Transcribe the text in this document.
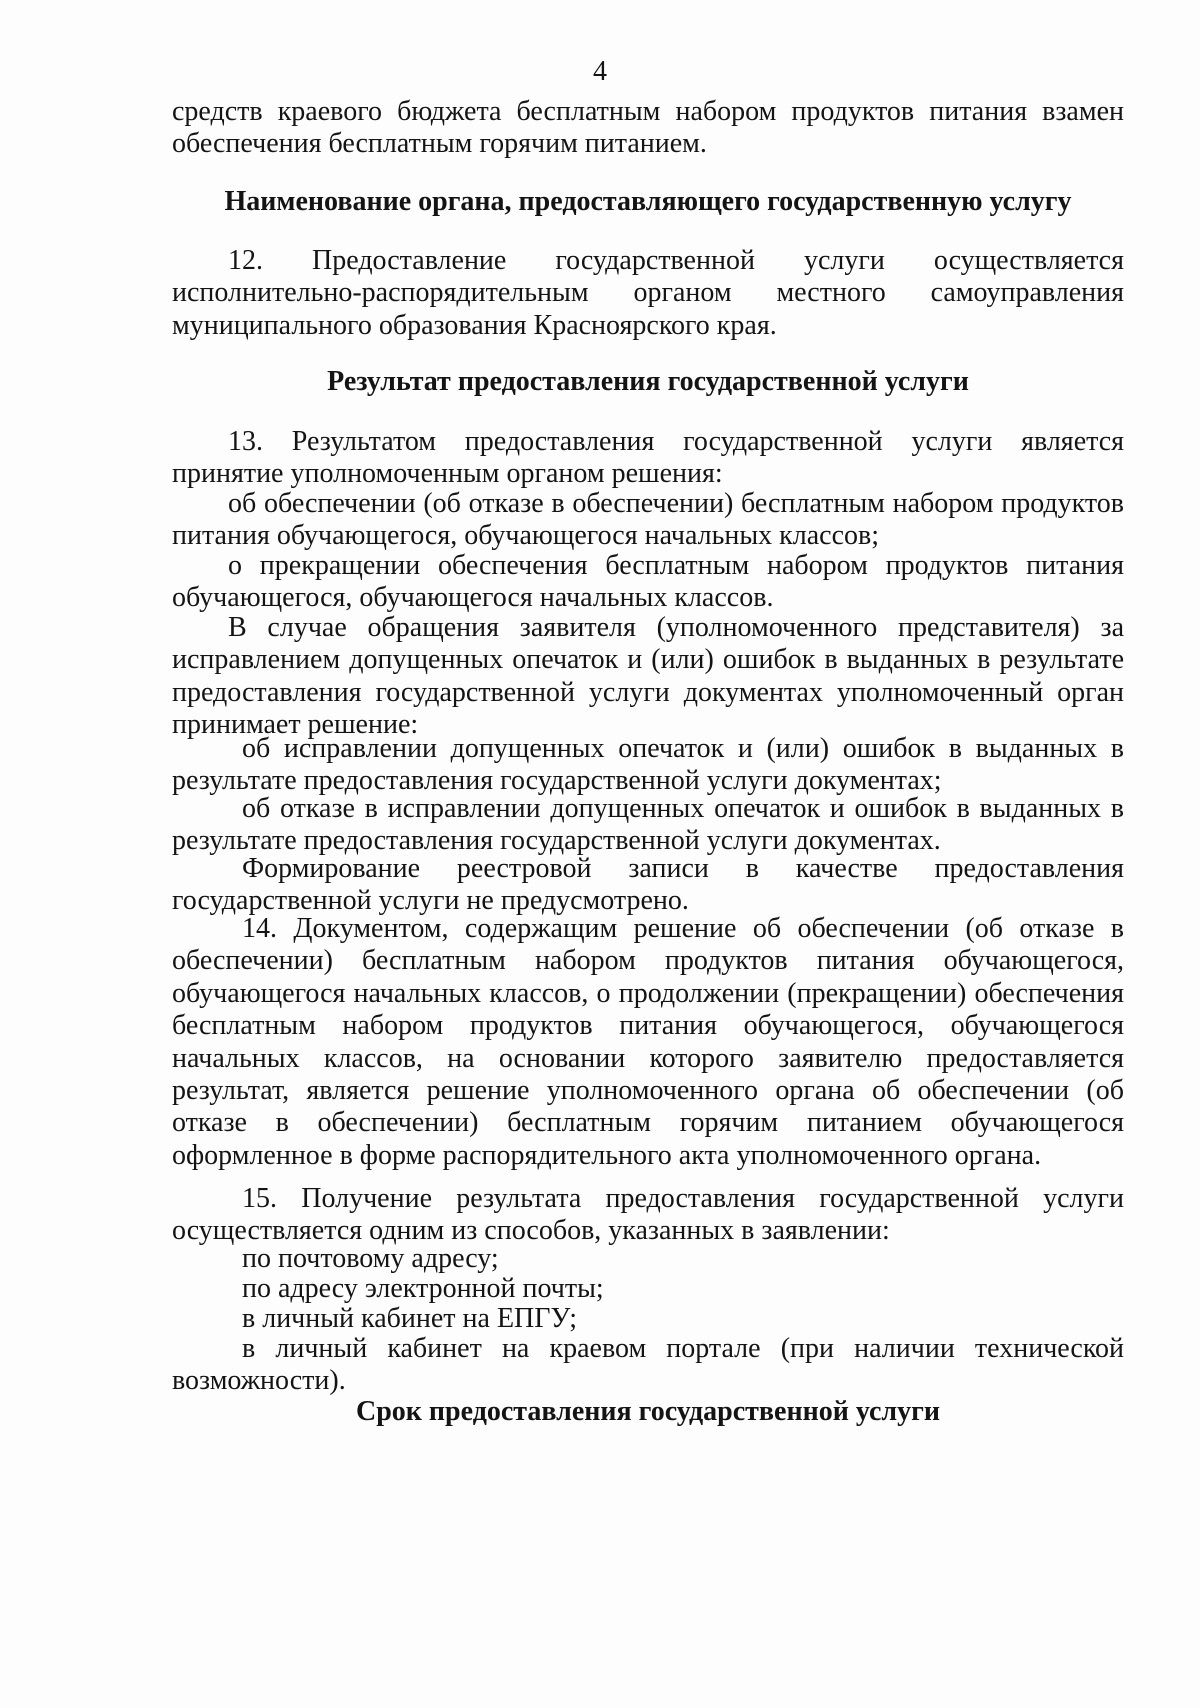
4

средств краевого бюджета бесплатным набором продуктов питания взамен обеспечения бесплатным горячим питанием.

Наименование органа, предоставляющего государственную услугу

12. Предоставление государственной услуги осуществляется исполнительно-распорядительным органом местного самоуправления муниципального образования Красноярского края.

Результат предоставления государственной услуги

13. Результатом предоставления государственной услуги является принятие уполномоченным органом решения:

об обеспечении (об отказе в обеспечении) бесплатным набором продуктов питания обучающегося, обучающегося начальных классов;

о прекращении обеспечения бесплатным набором продуктов питания обучающегося, обучающегося начальных классов.

В случае обращения заявителя (уполномоченного представителя) за исправлением допущенных опечаток и (или) ошибок в выданных в результате предоставления государственной услуги документах уполномоченный орган принимает решение:

об исправлении допущенных опечаток и (или) ошибок в выданных в результате предоставления государственной услуги документах;

об отказе в исправлении допущенных опечаток и ошибок в выданных в результате предоставления государственной услуги документах.

Формирование реестровой записи в качестве предоставления государственной услуги не предусмотрено.

14. Документом, содержащим решение об обеспечении (об отказе в обеспечении) бесплатным набором продуктов питания обучающегося, обучающегося начальных классов, о продолжении (прекращении) обеспечения бесплатным набором продуктов питания обучающегося, обучающегося начальных классов, на основании которого заявителю предоставляется результат, является решение уполномоченного органа об обеспечении (об отказе в обеспечении) бесплатным горячим питанием обучающегося оформленное в форме распорядительного акта уполномоченного органа.

15. Получение результата предоставления государственной услуги осуществляется одним из способов, указанных в заявлении:

по почтовому адресу;

по адресу электронной почты;

в личный кабинет на ЕПГУ;

в личный кабинет на краевом портале (при наличии технической возможности).

Срок предоставления государственной услуги
